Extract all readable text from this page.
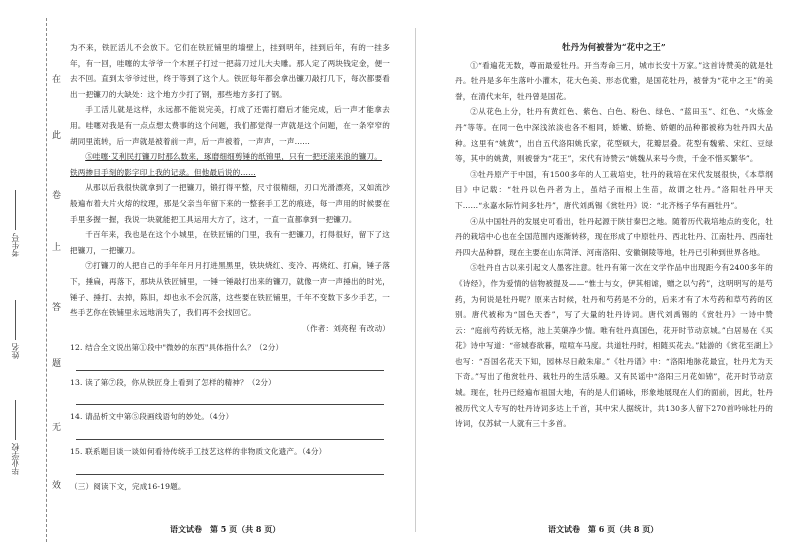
在
此
卷
上
答
题
无
效
考生号
姓名
毕业学校

为不来，铁匠活儿不会放下。它们在铁匠铺里的墙壁上，挂到明年，挂到后年，有的一挂多年，有一回，哇噻的太爷爷一个木匣子打过一把蒜刀过儿大夫雕。那人定了两块钱定金，便一去不回。直到太爷爷过世，终于等到了这个人。铁匠每年都会拿出镰刀敲打几下，每次都要看出一把镰刀的大缺处：这个地方少打了钢，那些地方多打了钢。

手工活儿就是这样，永远都不能说完美，打成了还需打磨后才能完成，后一声才能拿去用。哇噻对我是有一点点想太费事的这个问题，我们都觉得一声就是这个问题，在一条窄窄的胡同里流转，后一声就是被着前一声，后一声被着，一声声，一声……

⑤哇噻·艾利民打镰刀时那么数来，琢磨细细剪锤的纸锦里，只有一把还滚来浪的镰刀。

铁两掺目手刻的影字印上我的记录。但他最后说的……

从那以后我很快就拿到了一把镰刀，锻打得平整，尺寸很精细，刃口光滑漂亮，又如流沙般遍布着大片火熔的纹理，那是父亲当年留下来的一整套手工艺的痕迹，每一声用的时候要在手里多握一握，我说一块就能把工具运用大方了，这才，一直一直都拿到一把镰刀。

千百年来，我也是在这个小城里，在铁匠铺的门里，我有一把镰刀，打得很好，留下了这把镰刀，一把镰刀。

⑦打镰刀的人把自己的手年年月月打进黑黑里，铁块烧红、变冷、再烧红、打扁，锤子落下，捶扁，再落下，那块从铁匠铺里，一锤一锤敲打出来的镰刀，就像一声一声捶出的时光，锤子、捶打、去掉，陈旧，却也永不会沉落，这些要在铁匠铺里，千年不变数下多少手艺，一些手艺你在铁铺里永远地消失了，我们再不会找回它。

（作者：刘亮程 有改动）

12. 结合全文说出第①段中"微妙的东西"具体指什么？（2分）

13. 读了第⑦段，你从铁匠身上看到了怎样的精神？（2分）

14. 请品析文中第⑤段画线语句的妙处。（4分）

15. 联系题目谈一谈如何看待传统手工技艺这样的非物质文化遗产。（4分）

（三）阅读下文，完成16-19题。

语文试卷　第 5 页（共 8 页）

牡丹为何被誉为“花中之王”

①“看遍花无数，尊而最爱牡丹。开当寿命三月，城市长安十万家。”这首诗赞美的就是牡丹。牡丹是多年生落叶小灌木，花大色美、形态优雅，是国花牡丹，被誉为“花中之王”的美誉，在清代末年，牡丹曾是国花。

②从花色上分，牡丹有黄红色、紫色、白色、粉色、绿色、“蓝田玉”、红色、“火炼金丹”等等。在同一色中深浅浓淡也各不相同，娇嫩、娇艳、娇媚的品种都被称为牡丹四大品种。这里有“姚黄”，出自五代洛阳姚氏家，花型硕大，花瓣层叠。花型有魏紫、宋红、豆绿等，其中的姚黄，则被誉为“花王”，宋代有诗赞云“姚魏从来号今贵，千金不惜买繁华”。

③牡丹原产于中国，有1500多年的人工栽培史，牡丹的栽培在宋代发展很快，《本草纲目》中记载：“牡丹以色丹者为上，虽结子而根上生苗，故谓之牡丹。”洛阳牡丹甲天下……“永嘉水际竹间多牡丹”，唐代刘禹锡《赏牡丹》说：“北齐杨子华有画牡丹”。

④从中国牡丹的发展史可看出，牡丹起源于陕甘秦巴之地。随着历代栽培地点的变化，牡丹的栽培中心也在全国范围内逐渐转移，现在形成了中原牡丹、西北牡丹、江南牡丹、西南牡丹四大品种群，现在主要在山东菏泽、河南洛阳、安徽铜陵等地，牡丹已引种到世界各地。

⑤牡丹自古以来引起文人墨客注意。牡丹有第一次在文学作品中出现距今有2400多年的《诗经》，作为爱情的信物被提及——“惟士与女，伊其相谑，赠之以勺药”，这明明写的是芍药，为何说是牡丹呢？原来古时候，牡丹和芍药是不分的，后来才有了木芍药和草芍药的区别。唐代被称为“国色天香”，写了大量的牡丹诗词。唐代刘禹锡的《赏牡丹》一诗中赞云：“庭前芍药妖无格，池上芙蕖净少情。唯有牡丹真国色，花开时节动京城。”白居易在《买花》诗中写道：“帝城春欲暮，喧喧车马度。共道牡丹时，相随买花去。”陆游的《赏花至湖上》也写：“吾国名花天下知，园林尽日敞朱扉。”《牡丹谱》中：“洛阳地脉花最宜，牡丹尤为天下奇。”写出了他赏牡丹、栽牡丹的生活乐趣。又有民谣中“洛阳三月花如锦”，花开时节动京城。现在，牡丹已经遍布祖国大地，有的是人们诵咏，形象地展现在人们的面前，因此，牡丹被历代文人专写的牡丹诗词多达上千首，其中宋人据统计，共130多人留下270首吟咏牡丹的诗词，仅苏轼一人就有三十多首。

语文试卷　第 6 页（共 8 页）
